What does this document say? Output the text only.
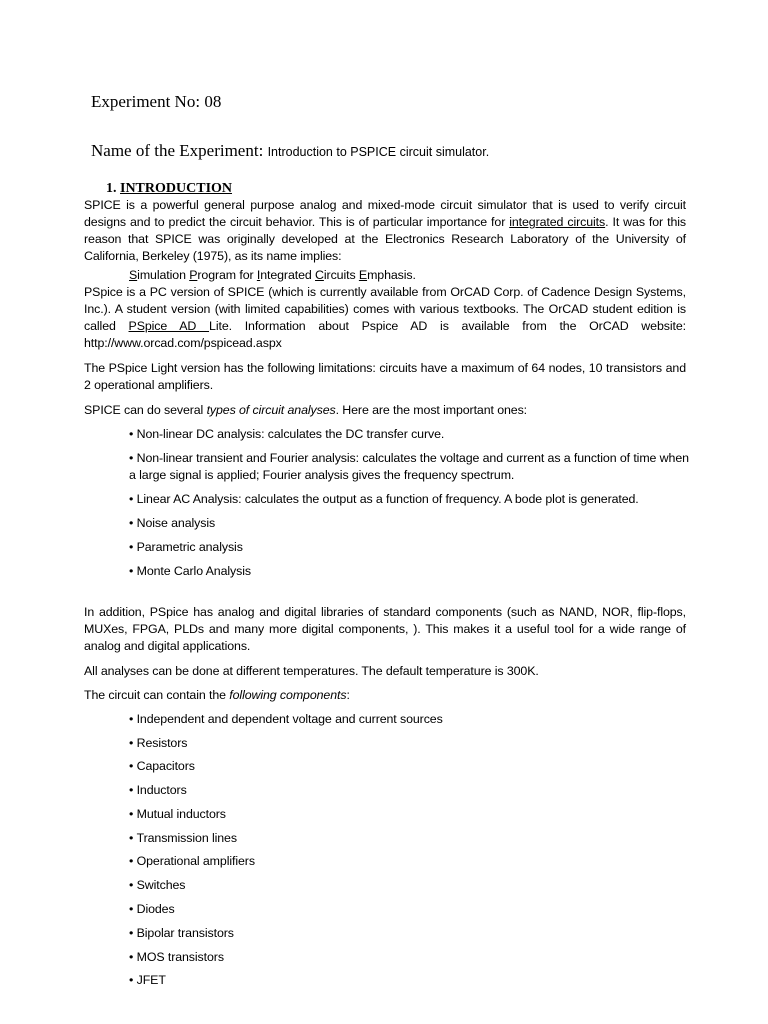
Experiment No: 08
Name of the Experiment: Introduction to PSPICE circuit simulator.
1. INTRODUCTION
SPICE is a powerful general purpose analog and mixed-mode circuit simulator that is used to verify circuit designs and to predict the circuit behavior. This is of particular importance for integrated circuits. It was for this reason that SPICE was originally developed at the Electronics Research Laboratory of the University of California, Berkeley (1975), as its name implies:
Simulation Program for Integrated Circuits Emphasis.
PSpice is a PC version of SPICE (which is currently available from OrCAD Corp. of Cadence Design Systems, Inc.). A student version (with limited capabilities) comes with various textbooks. The OrCAD student edition is called PSpice AD Lite. Information about Pspice AD is available from the OrCAD website: http://www.orcad.com/pspicead.aspx
The PSpice Light version has the following limitations: circuits have a maximum of 64 nodes, 10 transistors and 2 operational amplifiers.
SPICE can do several types of circuit analyses. Here are the most important ones:
• Non-linear DC analysis: calculates the DC transfer curve.
• Non-linear transient and Fourier analysis: calculates the voltage and current as a function of time when a large signal is applied; Fourier analysis gives the frequency spectrum.
• Linear AC Analysis: calculates the output as a function of frequency. A bode plot is generated.
• Noise analysis
• Parametric analysis
• Monte Carlo Analysis
In addition, PSpice has analog and digital libraries of standard components (such as NAND, NOR, flip-flops, MUXes, FPGA, PLDs and many more digital components, ). This makes it a useful tool for a wide range of analog and digital applications.
All analyses can be done at different temperatures. The default temperature is 300K.
The circuit can contain the following components:
• Independent and dependent voltage and current sources
• Resistors
• Capacitors
• Inductors
• Mutual inductors
• Transmission lines
• Operational amplifiers
• Switches
• Diodes
• Bipolar transistors
• MOS transistors
• JFET
